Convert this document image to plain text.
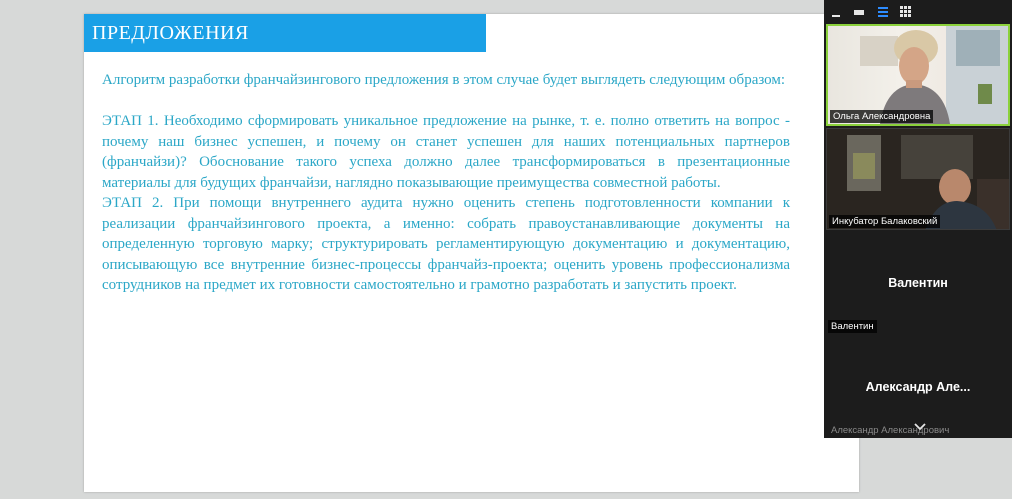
ПРЕДЛОЖЕНИЯ

Алгоритм разработки франчайзингового предложения в этом случае будет выглядеть следующим образом:

ЭТАП 1. Необходимо сформировать уникальное предложение на рынке, т. е. полно ответить на вопрос - почему наш бизнес успешен, и почему он станет успешен для наших потенциальных партнеров (франчайзи)? Обоснование такого успеха должно далее трансформироваться в презентационные материалы для будущих франчайзи, наглядно показывающие преимущества совместной работы.

ЭТАП 2. При помощи внутреннего аудита нужно оценить степень подготовленности компании к реализации франчайзингового проекта, а именно: собрать правоустанавливающие документы на определенную торговую марку; структурировать регламентирующую документацию и документацию, описывающую все внутренние бизнес-процессы франчайз-проекта; оценить уровень профессионализма сотрудников на предмет их готовности самостоятельно и грамотно разработать и запустить проект.

Ольга Александровна
Инкубатор Балаковский
Валентин
Валентин
Александр Але...
Александр Александрович
